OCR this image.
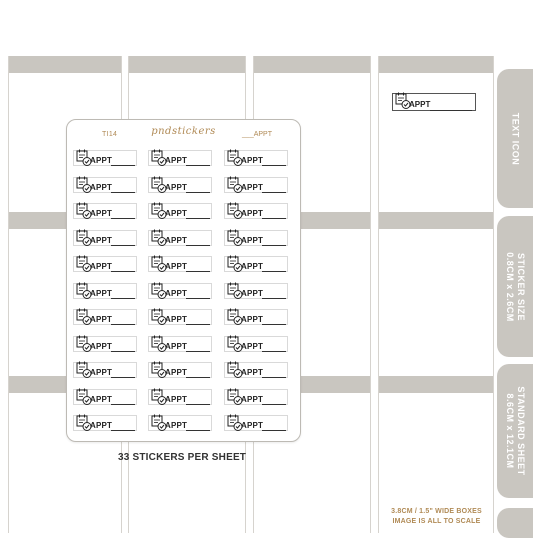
APPT
TEXT ICON
STICKER SIZE
0.8CM x 2.6CM
STANDARD SHEET
8.6CM x 12.1CM
3.8CM / 1.5" WIDE BOXES
IMAGE IS ALL TO SCALE
TI14	pndstickers	___APPT
APPT	APPT	APPT
APPT	APPT	APPT
APPT	APPT	APPT
APPT	APPT	APPT
APPT	APPT	APPT
APPT	APPT	APPT
APPT	APPT	APPT
APPT	APPT	APPT
APPT	APPT	APPT
APPT	APPT	APPT
APPT	APPT	APPT
33 STICKERS PER SHEET
